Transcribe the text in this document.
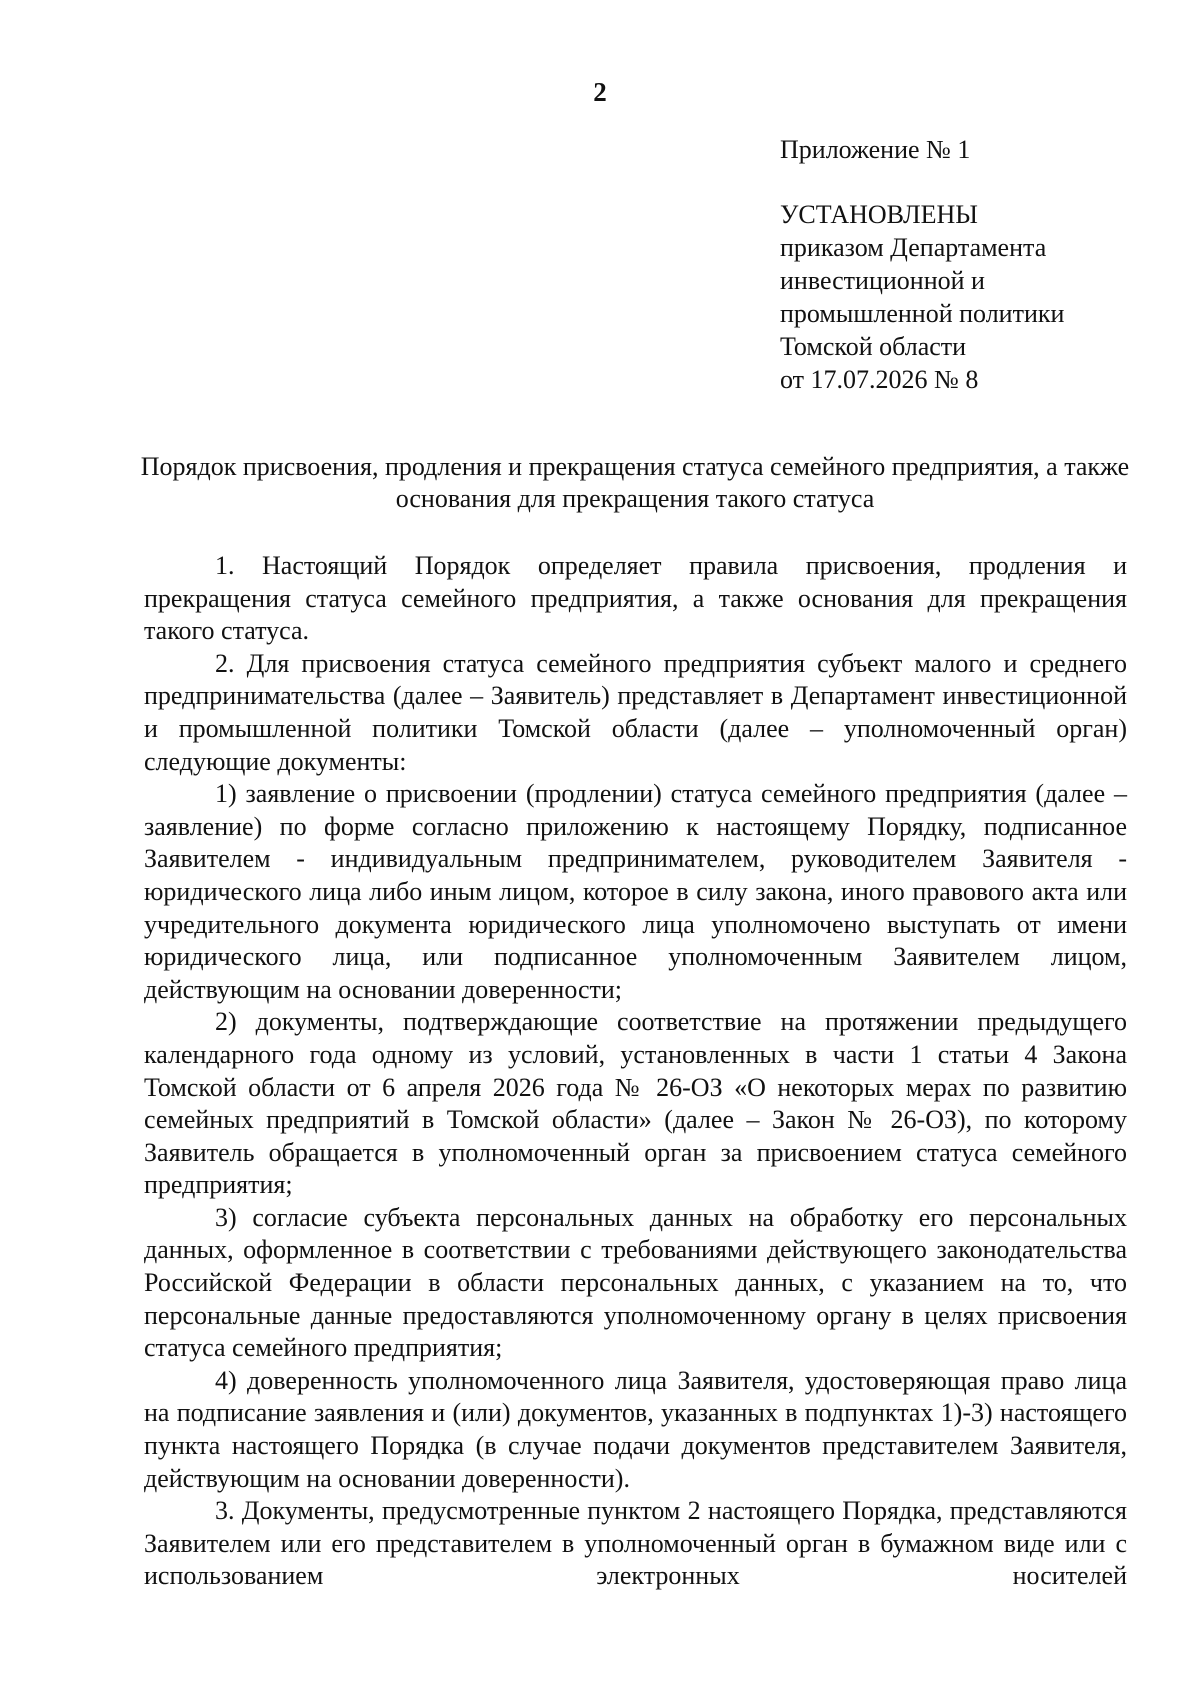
2
Приложение № 1
УСТАНОВЛЕНЫ
приказом Департамента
инвестиционной и
промышленной политики
Томской области
от 17.07.2026 № 8
Порядок присвоения, продления и прекращения статуса семейного предприятия, а также основания для прекращения такого статуса

1. Настоящий Порядок определяет правила присвоения, продления и прекращения статуса семейного предприятия, а также основания для прекращения такого статуса.

2. Для присвоения статуса семейного предприятия субъект малого и среднего предпринимательства (далее – Заявитель) представляет в Департамент инвестиционной и промышленной политики Томской области (далее – уполномоченный орган) следующие документы:

1) заявление о присвоении (продлении) статуса семейного предприятия (далее – заявление) по форме согласно приложению к настоящему Порядку, подписанное Заявителем - индивидуальным предпринимателем, руководителем Заявителя - юридического лица либо иным лицом, которое в силу закона, иного правового акта или учредительного документа юридического лица уполномочено выступать от имени юридического лица, или подписанное уполномоченным Заявителем лицом, действующим на основании доверенности;

2) документы, подтверждающие соответствие на протяжении предыдущего календарного года одному из условий, установленных в части 1 статьи 4 Закона Томской области от 6 апреля 2026 года № 26-ОЗ «О некоторых мерах по развитию семейных предприятий в Томской области» (далее – Закон № 26-ОЗ), по которому Заявитель обращается в уполномоченный орган за присвоением статуса семейного предприятия;

3) согласие субъекта персональных данных на обработку его персональных данных, оформленное в соответствии с требованиями действующего законодательства Российской Федерации в области персональных данных, с указанием на то, что персональные данные предоставляются уполномоченному органу в целях присвоения статуса семейного предприятия;

4) доверенность уполномоченного лица Заявителя, удостоверяющая право лица на подписание заявления и (или) документов, указанных в подпунктах 1)-3) настоящего пункта настоящего Порядка (в случае подачи документов представителем Заявителя, действующим на основании доверенности).

3. Документы, предусмотренные пунктом 2 настоящего Порядка, представляются Заявителем или его представителем в уполномоченный орган в бумажном виде или с использованием электронных носителей
